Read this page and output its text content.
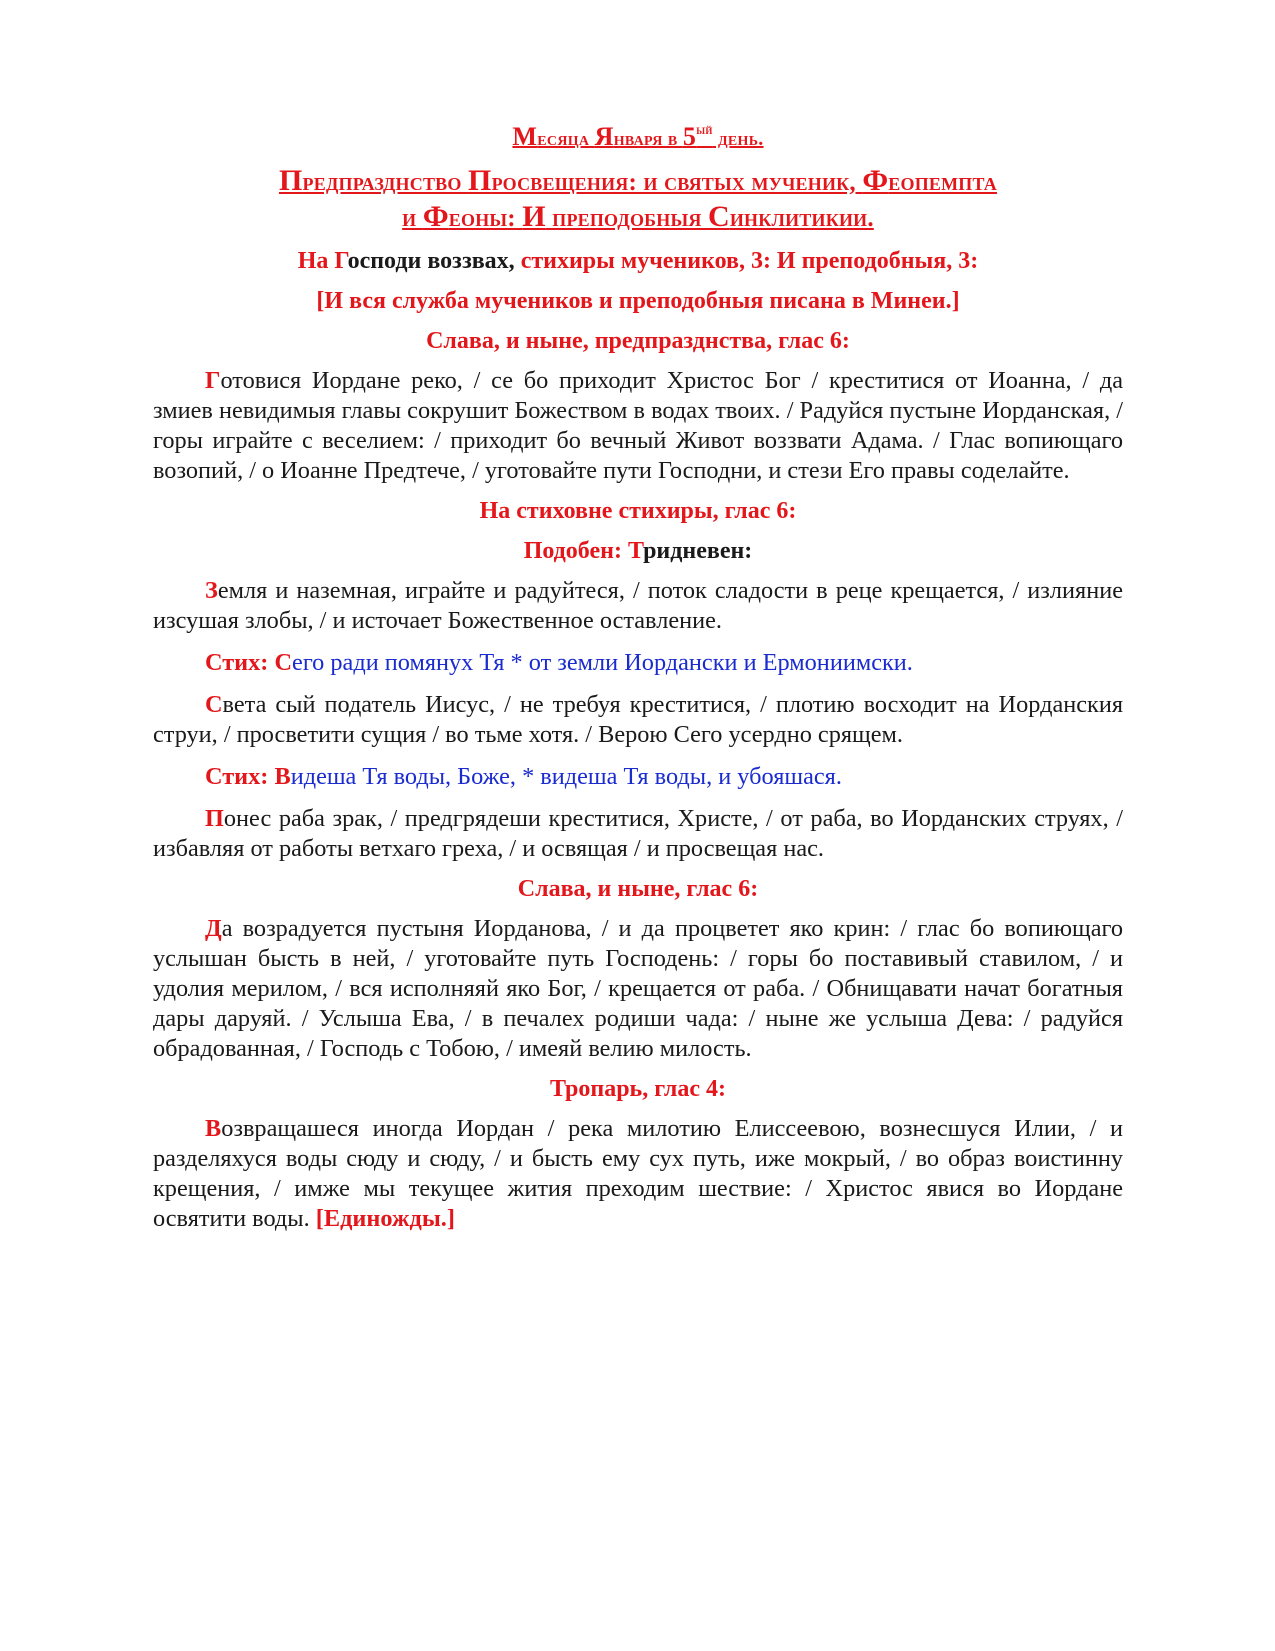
Месяца Января в $5^{ый}$ день.
Предпразднство Просвещения: и святых мученик, Феопемпта
и Феоны: И преподобныя Синклитикии.
На Господи воззвах, стихиры мучеников, 3: И преподобныя, 3:
[И вся служба мучеников и преподобныя писана в Минеи.]
Слава, и ныне, предпразднства, глас 6:

Готовися Иордане реко, / се бо приходит Христос Бог / креститися от Иоанна, / да змиев невидимыя главы сокрушит Божеством в водах твоих. / Радуйся пустыне Иорданская, / горы играйте с веселием: / приходит бо вечный Живот воззвати Адама. / Глас вопиющаго возопий, / о Иоанне Предтече, / уготовайте пути Господни, и стези Его правы соделайте.

На стиховне стихиры, глас 6:
Подобен: Тридневен:

Земля и наземная, играйте и радуйтеся, / поток сладости в реце крещается, / излияние изсушая злобы, / и источает Божественное оставление.

Стих: Сего ради помянух Тя * от земли Иордански и Ермониимски.

Света сый податель Иисус, / не требуя креститися, / плотию восходит на Иорданския струи, / просветити сущия / во тьме хотя. / Верою Сего усердно срящем.

Стих: Видеша Тя воды, Боже, * видеша Тя воды, и убояшася.

Понес раба зрак, / предгрядеши креститися, Христе, / от раба, во Иорданских струях, / избавляя от работы ветхаго греха, / и освящая / и просвещая нас.

Слава, и ныне, глас 6:

Да возрадуется пустыня Иорданова, / и да процветет яко крин: / глас бо вопиющаго услышан бысть в ней, / уготовайте путь Господень: / горы бо поставивый ставилом, / и удолия мерилом, / вся исполняяй яко Бог, / крещается от раба. / Обнищавати начат богатныя дары даруяй. / Услыша Ева, / в печалех родиши чада: / ныне же услыша Дева: / радуйся обрадованная, / Господь с Тобою, / имеяй велию милость.

Тропарь, глас 4:

Возвращашеся иногда Иордан / река милотию Елиссеевою, вознесшуся Илии, / и разделяхуся воды сюду и сюду, / и бысть ему сух путь, иже мокрый, / во образ воистинну крещения, / имже мы текущее жития преходим шествие: / Христос явися во Иордане освятити воды. [Единожды.]
